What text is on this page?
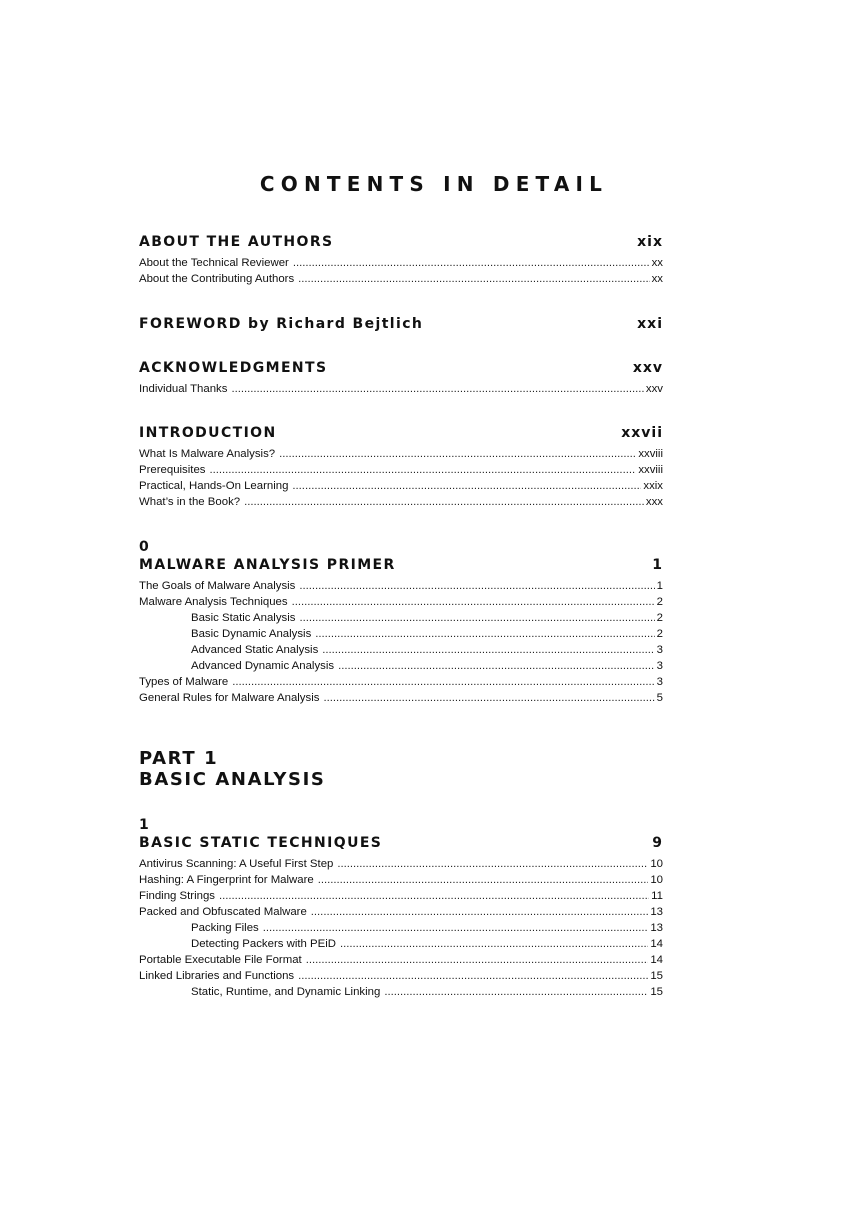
CONTENTS IN DETAIL
ABOUT THE AUTHORS	xix
About the Technical Reviewer . . .	xx
About the Contributing Authors . . .	xx
FOREWORD by Richard Bejtlich	xxi
ACKNOWLEDGMENTS	xxv
Individual Thanks . . .	xxv
INTRODUCTION	xxvii
What Is Malware Analysis? . . .	xxviii
Prerequisites . . .	xxviii
Practical, Hands-On Learning . . .	xxix
What’s in the Book? . . .	xxx
0
MALWARE ANALYSIS PRIMER	1
The Goals of Malware Analysis . . .	1
Malware Analysis Techniques . . .	2
Basic Static Analysis . . .	2
Basic Dynamic Analysis . . .	2
Advanced Static Analysis . . .	3
Advanced Dynamic Analysis . . .	3
Types of Malware . . .	3
General Rules for Malware Analysis . . .	5
PART 1
BASIC ANALYSIS
1
BASIC STATIC TECHNIQUES	9
Antivirus Scanning: A Useful First Step . . .	10
Hashing: A Fingerprint for Malware . . .	10
Finding Strings . . .	11
Packed and Obfuscated Malware . . .	13
Packing Files . . .	13
Detecting Packers with PEiD . . .	14
Portable Executable File Format . . .	14
Linked Libraries and Functions . . .	15
Static, Runtime, and Dynamic Linking . . .	15
